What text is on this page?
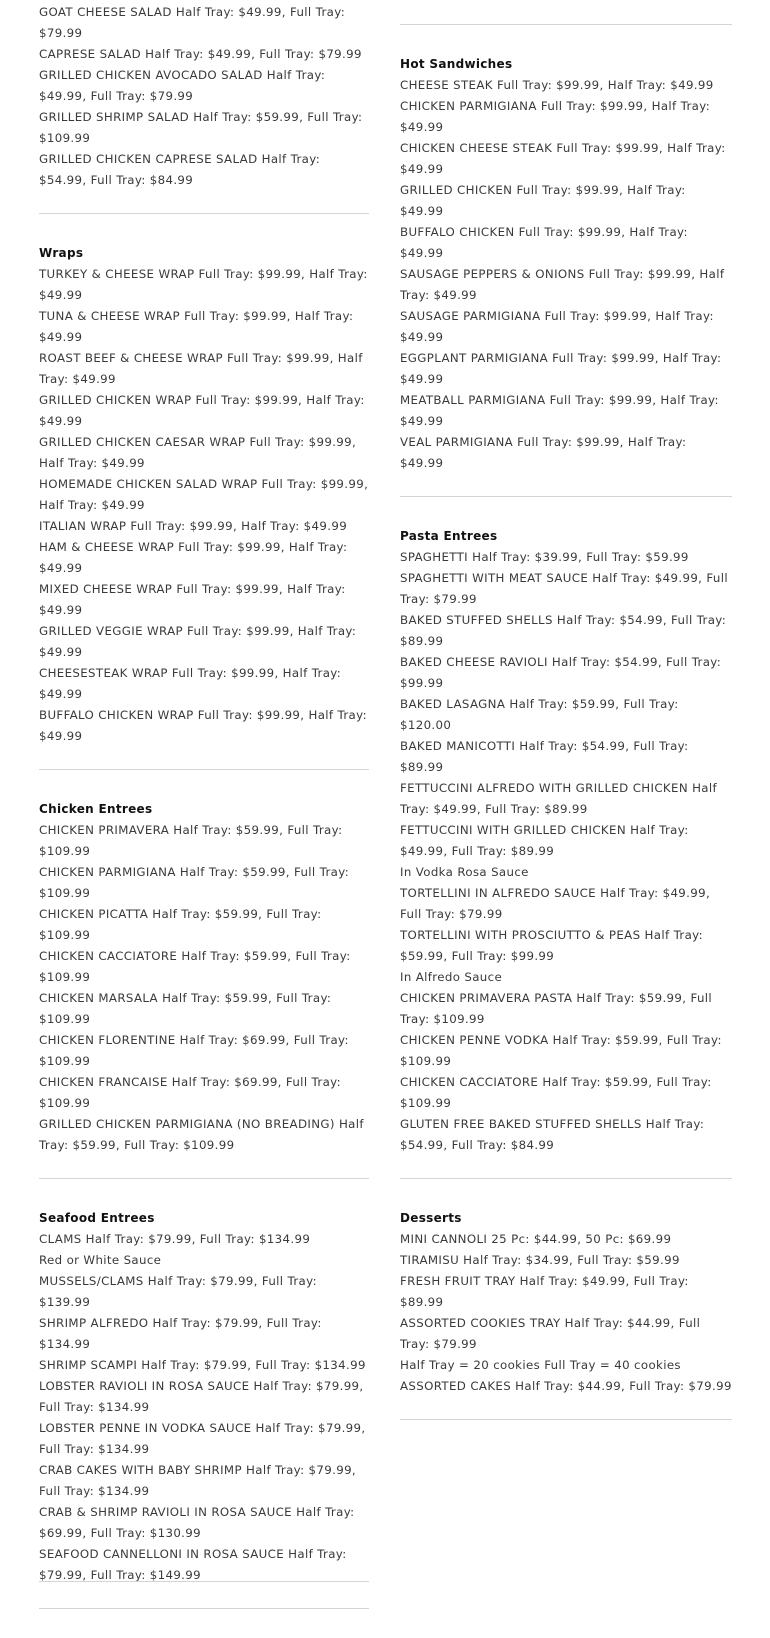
GOAT CHEESE SALAD Half Tray: $49.99, Full Tray: $79.99

CAPRESE SALAD Half Tray: $49.99, Full Tray: $79.99

GRILLED CHICKEN AVOCADO SALAD Half Tray: $49.99, Full Tray: $79.99

GRILLED SHRIMP SALAD Half Tray: $59.99, Full Tray: $109.99

GRILLED CHICKEN CAPRESE SALAD Half Tray: $54.99, Full Tray: $84.99

Wraps

TURKEY & CHEESE WRAP Full Tray: $99.99, Half Tray: $49.99

TUNA & CHEESE WRAP Full Tray: $99.99, Half Tray: $49.99

ROAST BEEF & CHEESE WRAP Full Tray: $99.99, Half Tray: $49.99

GRILLED CHICKEN WRAP Full Tray: $99.99, Half Tray: $49.99

GRILLED CHICKEN CAESAR WRAP Full Tray: $99.99, Half Tray: $49.99

HOMEMADE CHICKEN SALAD WRAP Full Tray: $99.99, Half Tray: $49.99

ITALIAN WRAP Full Tray: $99.99, Half Tray: $49.99

HAM & CHEESE WRAP Full Tray: $99.99, Half Tray: $49.99

MIXED CHEESE WRAP Full Tray: $99.99, Half Tray: $49.99

GRILLED VEGGIE WRAP Full Tray: $99.99, Half Tray: $49.99

CHEESESTEAK WRAP Full Tray: $99.99, Half Tray: $49.99

BUFFALO CHICKEN WRAP Full Tray: $99.99, Half Tray: $49.99

Chicken Entrees

CHICKEN PRIMAVERA Half Tray: $59.99, Full Tray: $109.99

CHICKEN PARMIGIANA Half Tray: $59.99, Full Tray: $109.99

CHICKEN PICATTA Half Tray: $59.99, Full Tray: $109.99

CHICKEN CACCIATORE Half Tray: $59.99, Full Tray: $109.99

CHICKEN MARSALA Half Tray: $59.99, Full Tray: $109.99

CHICKEN FLORENTINE Half Tray: $69.99, Full Tray: $109.99

CHICKEN FRANCAISE Half Tray: $69.99, Full Tray: $109.99

GRILLED CHICKEN PARMIGIANA (NO BREADING) Half Tray: $59.99, Full Tray: $109.99

Seafood Entrees

CLAMS Half Tray: $79.99, Full Tray: $134.99

Red or White Sauce

MUSSELS/CLAMS Half Tray: $79.99, Full Tray: $139.99

SHRIMP ALFREDO Half Tray: $79.99, Full Tray: $134.99

SHRIMP SCAMPI Half Tray: $79.99, Full Tray: $134.99

LOBSTER RAVIOLI IN ROSA SAUCE Half Tray: $79.99, Full Tray: $134.99

LOBSTER PENNE IN VODKA SAUCE Half Tray: $79.99, Full Tray: $134.99

CRAB CAKES WITH BABY SHRIMP Half Tray: $79.99, Full Tray: $134.99

CRAB & SHRIMP RAVIOLI IN ROSA SAUCE Half Tray: $69.99, Full Tray: $130.99

SEAFOOD CANNELLONI IN ROSA SAUCE Half Tray: $79.99, Full Tray: $149.99

Hot Sandwiches

CHEESE STEAK Full Tray: $99.99, Half Tray: $49.99

CHICKEN PARMIGIANA Full Tray: $99.99, Half Tray: $49.99

CHICKEN CHEESE STEAK Full Tray: $99.99, Half Tray: $49.99

GRILLED CHICKEN Full Tray: $99.99, Half Tray: $49.99

BUFFALO CHICKEN Full Tray: $99.99, Half Tray: $49.99

SAUSAGE PEPPERS & ONIONS Full Tray: $99.99, Half Tray: $49.99

SAUSAGE PARMIGIANA Full Tray: $99.99, Half Tray: $49.99

EGGPLANT PARMIGIANA Full Tray: $99.99, Half Tray: $49.99

MEATBALL PARMIGIANA Full Tray: $99.99, Half Tray: $49.99

VEAL PARMIGIANA Full Tray: $99.99, Half Tray: $49.99

Pasta Entrees

SPAGHETTI Half Tray: $39.99, Full Tray: $59.99

SPAGHETTI WITH MEAT SAUCE Half Tray: $49.99, Full Tray: $79.99

BAKED STUFFED SHELLS Half Tray: $54.99, Full Tray: $89.99

BAKED CHEESE RAVIOLI Half Tray: $54.99, Full Tray: $99.99

BAKED LASAGNA Half Tray: $59.99, Full Tray: $120.00

BAKED MANICOTTI Half Tray: $54.99, Full Tray: $89.99

FETTUCCINI ALFREDO WITH GRILLED CHICKEN Half Tray: $49.99, Full Tray: $89.99

FETTUCCINI WITH GRILLED CHICKEN Half Tray: $49.99, Full Tray: $89.99

In Vodka Rosa Sauce

TORTELLINI IN ALFREDO SAUCE Half Tray: $49.99, Full Tray: $79.99

TORTELLINI WITH PROSCIUTTO & PEAS Half Tray: $59.99, Full Tray: $99.99

In Alfredo Sauce

CHICKEN PRIMAVERA PASTA Half Tray: $59.99, Full Tray: $109.99

CHICKEN PENNE VODKA Half Tray: $59.99, Full Tray: $109.99

CHICKEN CACCIATORE Half Tray: $59.99, Full Tray: $109.99

GLUTEN FREE BAKED STUFFED SHELLS Half Tray: $54.99, Full Tray: $84.99

Desserts

MINI CANNOLI 25 Pc: $44.99, 50 Pc: $69.99

TIRAMISU Half Tray: $34.99, Full Tray: $59.99

FRESH FRUIT TRAY Half Tray: $49.99, Full Tray: $89.99

ASSORTED COOKIES TRAY Half Tray: $44.99, Full Tray: $79.99

Half Tray = 20 cookies Full Tray = 40 cookies

ASSORTED CAKES Half Tray: $44.99, Full Tray: $79.99
